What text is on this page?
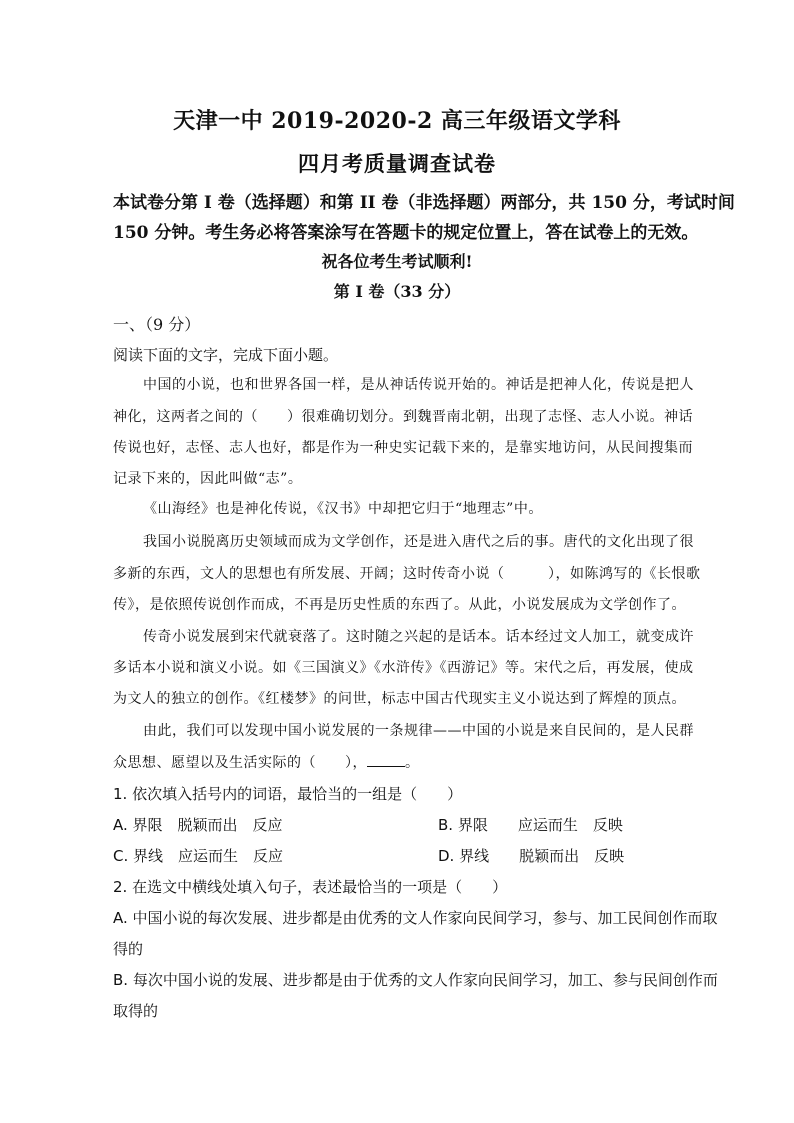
天津一中 2019-2020-2 高三年级语文学科
四月考质量调查试卷
本试卷分第 I 卷（选择题）和第 II 卷（非选择题）两部分，共 150 分，考试时间
150 分钟。考生务必将答案涂写在答题卡的规定位置上，答在试卷上的无效。
祝各位考生考试顺利!
第 I 卷（33 分）
一、（9 分）
阅读下面的文字，完成下面小题。
中国的小说，也和世界各国一样，是从神话传说开始的。神话是把神人化，传说是把人
神化，这两者之间的（　　）很难确切划分。到魏晋南北朝，出现了志怪、志人小说。神话
传说也好，志怪、志人也好，都是作为一种史实记载下来的，是靠实地访问，从民间搜集而
记录下来的，因此叫做“志”。
《山海经》也是神化传说，《汉书》中却把它归于“地理志”中。
我国小说脱离历史领域而成为文学创作，还是进入唐代之后的事。唐代的文化出现了很
多新的东西，文人的思想也有所发展、开阔；这时传奇小说（　　　），如陈鸿写的《长恨歌
传》，是依照传说创作而成，不再是历史性质的东西了。从此，小说发展成为文学创作了。
传奇小说发展到宋代就衰落了。这时随之兴起的是话本。话本经过文人加工，就变成许
多话本小说和演义小说。如《三国演义》《水浒传》《西游记》等。宋代之后，再发展，使成
为文人的独立的创作。《红楼梦》的问世，标志中国古代现实主义小说达到了辉煌的顶点。
由此，我们可以发现中国小说发展的一条规律——中国的小说是来自民间的，是人民群
众思想、愿望以及生活实际的（　　），	。
1. 依次填入括号内的词语，最恰当的一组是（　　）
A. 界限　脱颖而出　反应	B. 界限　　应运而生　反映
C. 界线　应运而生　反应	D. 界线　　脱颖而出　反映
2. 在选文中横线处填入句子，表述最恰当的一项是（　　）
A. 中国小说的每次发展、进步都是由优秀的文人作家向民间学习，参与、加工民间创作而取
得的
B. 每次中国小说的发展、进步都是由于优秀的文人作家向民间学习，加工、参与民间创作而
取得的
